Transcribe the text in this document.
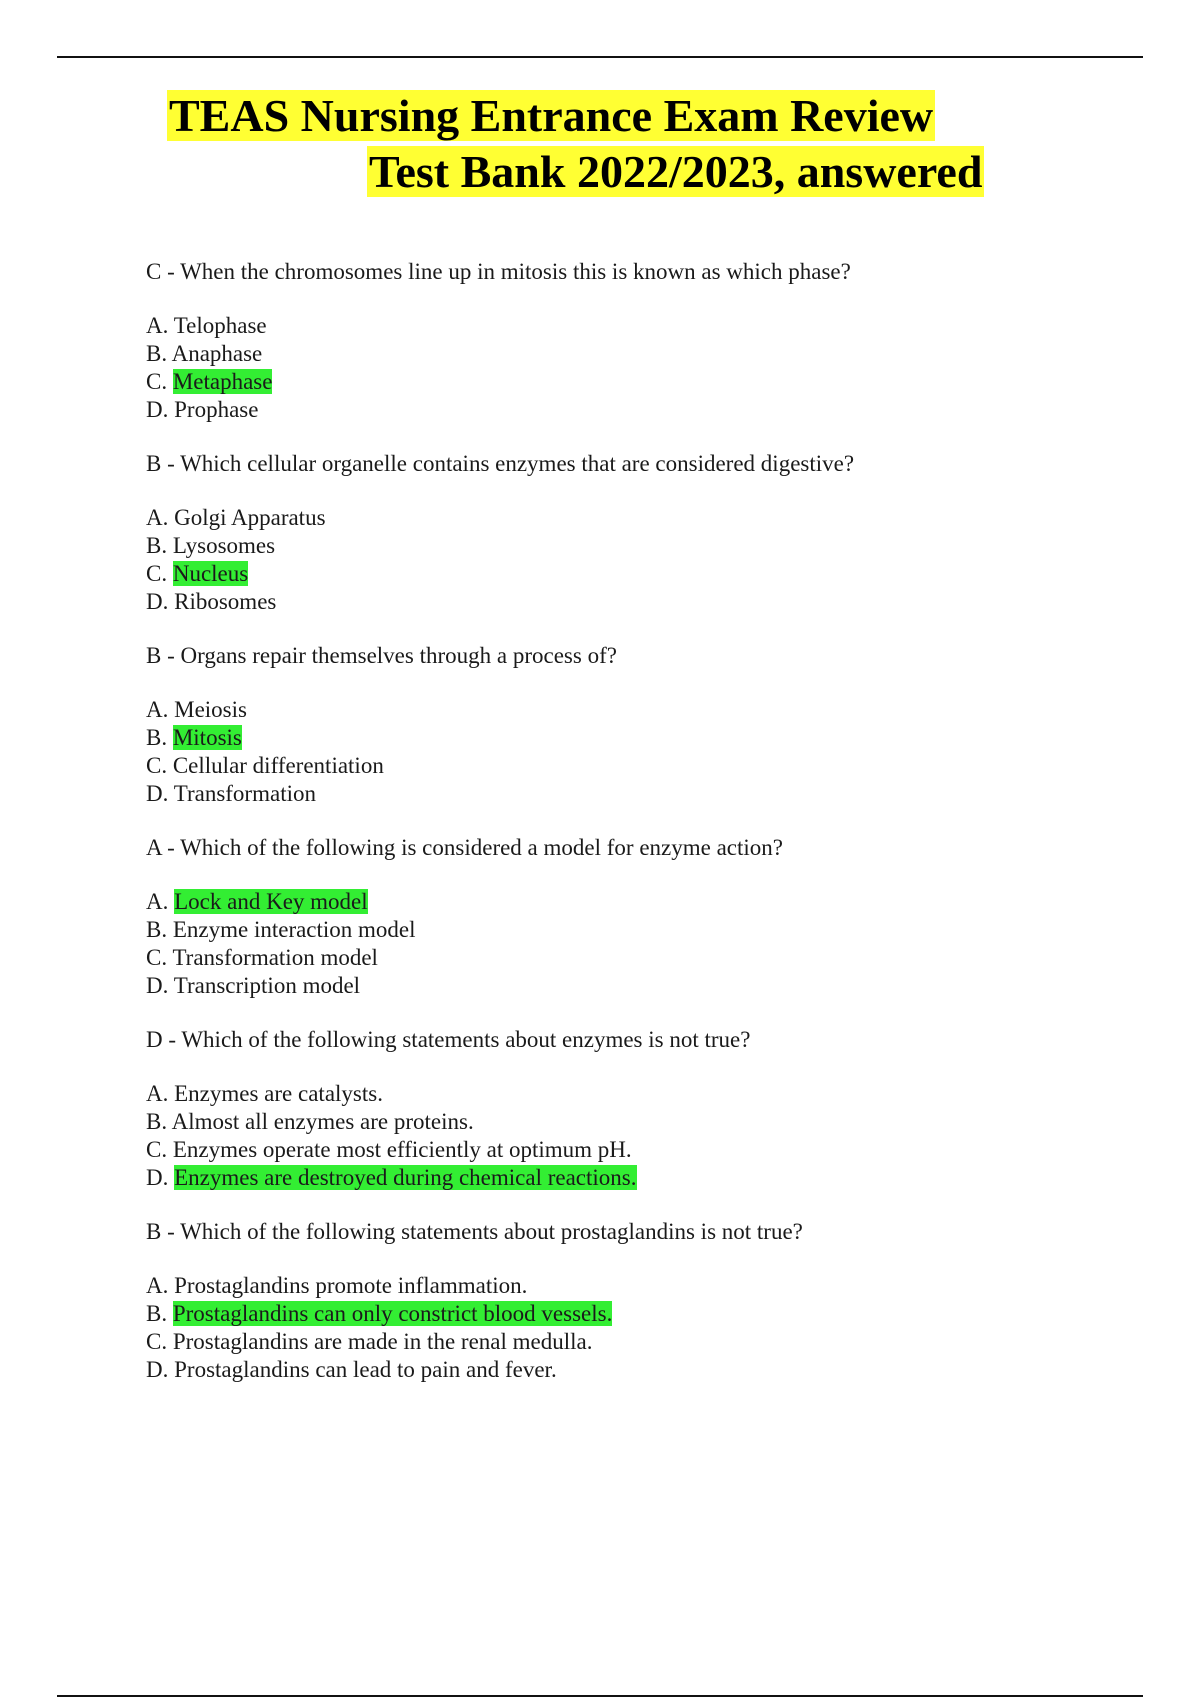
TEAS Nursing Entrance Exam Review
Test Bank 2022/2023, answered
C - When the chromosomes line up in mitosis this is known as which phase?
A. Telophase
B. Anaphase
C. Metaphase
D. Prophase
B - Which cellular organelle contains enzymes that are considered digestive?
A. Golgi Apparatus
B. Lysosomes
C. Nucleus
D. Ribosomes
B - Organs repair themselves through a process of?
A. Meiosis
B. Mitosis
C. Cellular differentiation
D. Transformation
A - Which of the following is considered a model for enzyme action?
A. Lock and Key model
B. Enzyme interaction model
C. Transformation model
D. Transcription model
D - Which of the following statements about enzymes is not true?
A. Enzymes are catalysts.
B. Almost all enzymes are proteins.
C. Enzymes operate most efficiently at optimum pH.
D. Enzymes are destroyed during chemical reactions.
B - Which of the following statements about prostaglandins is not true?
A. Prostaglandins promote inflammation.
B. Prostaglandins can only constrict blood vessels.
C. Prostaglandins are made in the renal medulla.
D. Prostaglandins can lead to pain and fever.
